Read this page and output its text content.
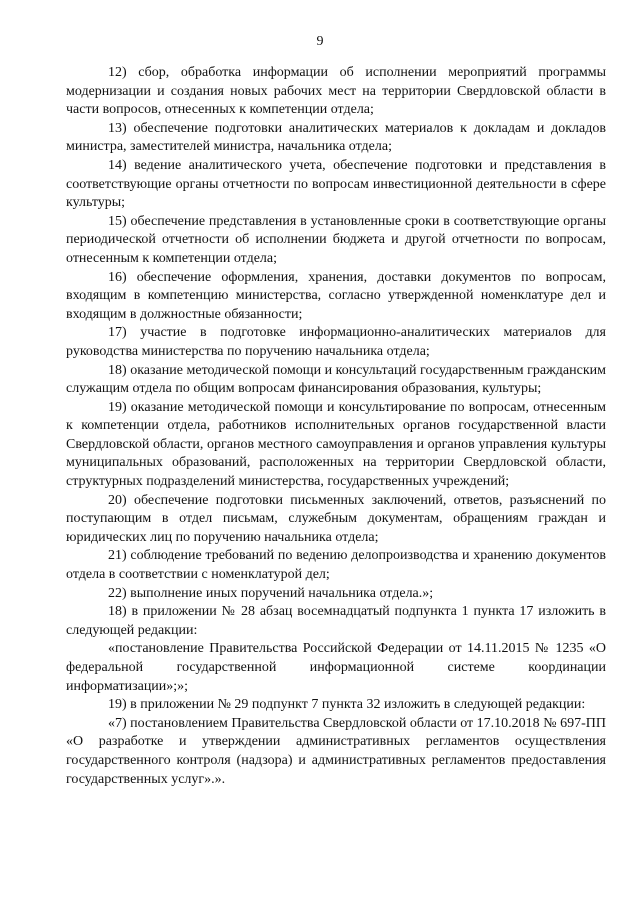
9

12) сбор, обработка информации об исполнении мероприятий программы модернизации и создания новых рабочих мест на территории Свердловской области в части вопросов, отнесенных к компетенции отдела;

13) обеспечение подготовки аналитических материалов к докладам и докладов министра, заместителей министра, начальника отдела;

14) ведение аналитического учета, обеспечение подготовки и представления в соответствующие органы отчетности по вопросам инвестиционной деятельности в сфере культуры;

15) обеспечение представления в установленные сроки в соответствующие органы периодической отчетности об исполнении бюджета и другой отчетности по вопросам, отнесенным к компетенции отдела;

16) обеспечение оформления, хранения, доставки документов по вопросам, входящим в компетенцию министерства, согласно утвержденной номенклатуре дел и входящим в должностные обязанности;

17) участие в подготовке информационно-аналитических материалов для руководства министерства по поручению начальника отдела;

18) оказание методической помощи и консультаций государственным гражданским служащим отдела по общим вопросам финансирования образования, культуры;

19) оказание методической помощи и консультирование по вопросам, отнесенным к компетенции отдела, работников исполнительных органов государственной власти Свердловской области, органов местного самоуправления и органов управления культуры муниципальных образований, расположенных на территории Свердловской области, структурных подразделений министерства, государственных учреждений;

20) обеспечение подготовки письменных заключений, ответов, разъяснений по поступающим в отдел письмам, служебным документам, обращениям граждан и юридических лиц по поручению начальника отдела;

21) соблюдение требований по ведению делопроизводства и хранению документов отдела в соответствии с номенклатурой дел;

22) выполнение иных поручений начальника отдела.»;

18) в приложении № 28 абзац восемнадцатый подпункта 1 пункта 17 изложить в следующей редакции:

«постановление Правительства Российской Федерации от 14.11.2015 № 1235 «О федеральной государственной информационной системе координации информатизации»;»;

19) в приложении № 29 подпункт 7 пункта 32 изложить в следующей редакции:

«7) постановлением Правительства Свердловской области от 17.10.2018 № 697-ПП «О разработке и утверждении административных регламентов осуществления государственного контроля (надзора) и административных регламентов предоставления государственных услуг».».
